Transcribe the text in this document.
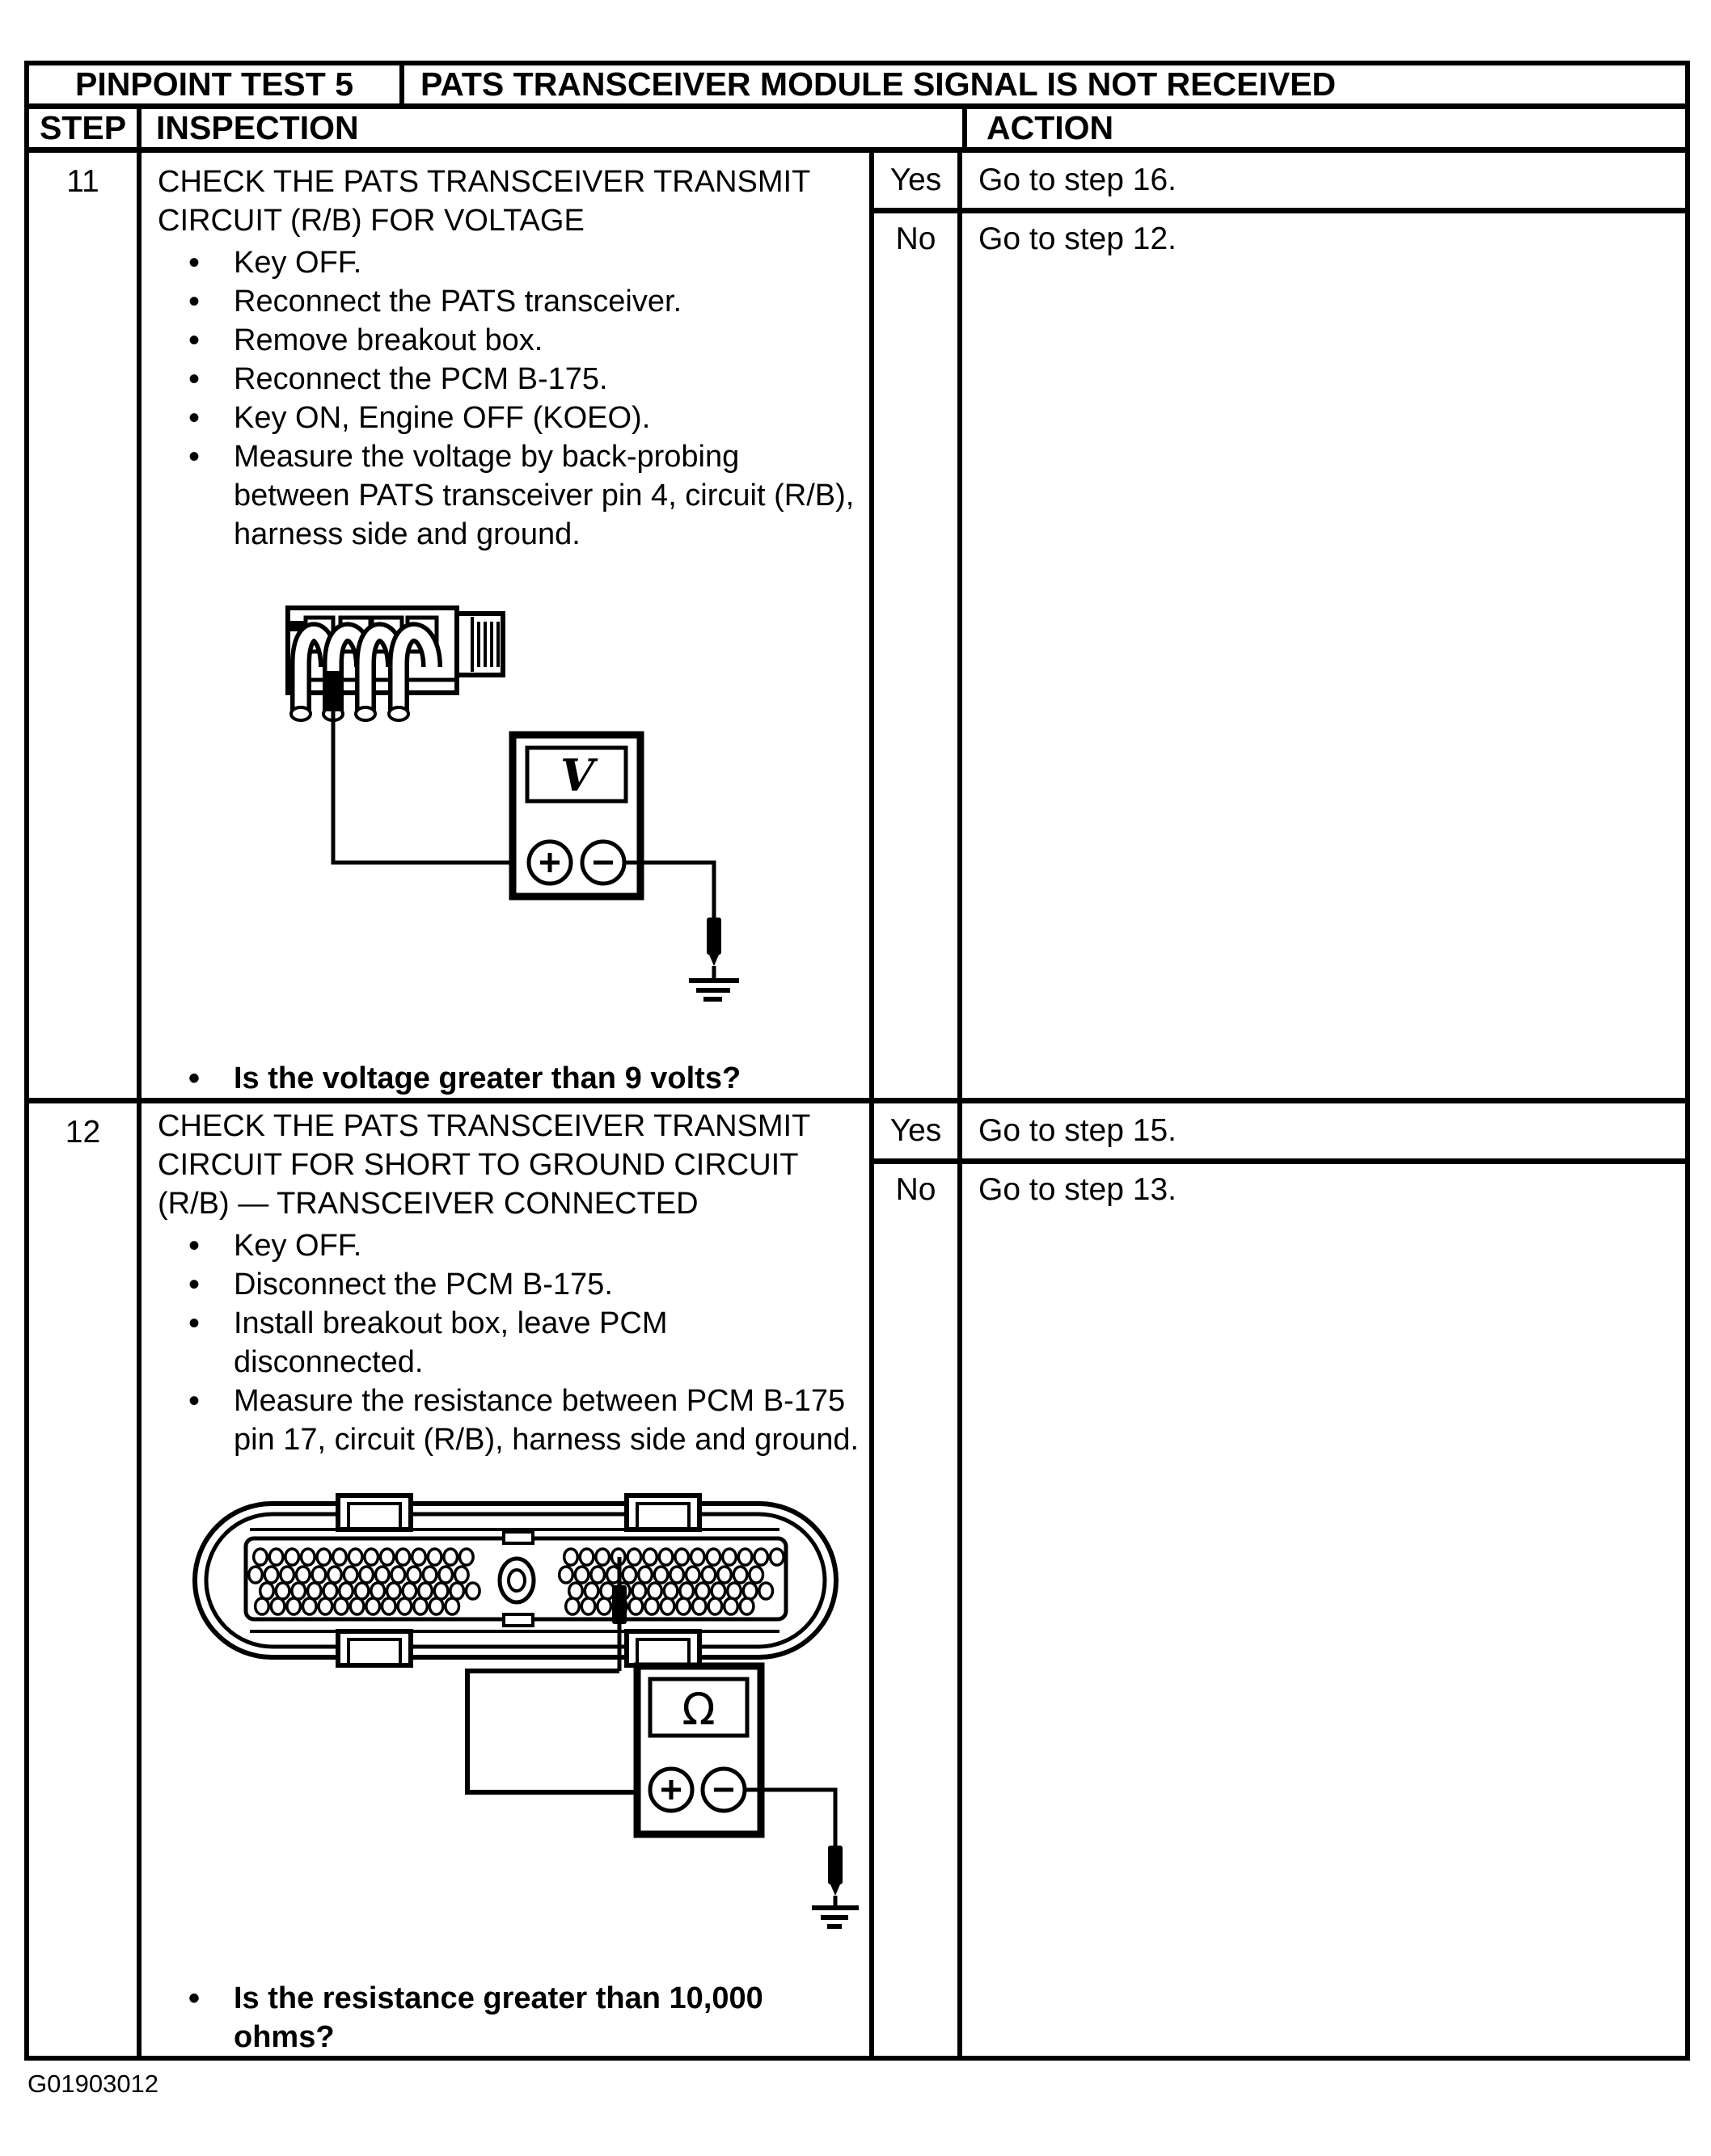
PINPOINT TEST 5	PATS TRANSCEIVER MODULE SIGNAL IS NOT RECEIVED
STEP INSPECTION	ACTION
11	CHECK THE PATS TRANSCEIVER TRANSMIT CIRCUIT (R/B) FOR VOLTAGE
• Key OFF.
• Reconnect the PATS transceiver.
• Remove breakout box.
• Reconnect the PCM B-175.
• Key ON, Engine OFF (KOEO).
• Measure the voltage by back-probing between PATS transceiver pin 4, circuit (R/B), harness side and ground.
V
• Is the voltage greater than 9 volts?
Yes	Go to step 16.
No	Go to step 12.
12	CHECK THE PATS TRANSCEIVER TRANSMIT CIRCUIT FOR SHORT TO GROUND CIRCUIT (R/B) — TRANSCEIVER CONNECTED
• Key OFF.
• Disconnect the PCM B-175.
• Install breakout box, leave PCM disconnected.
• Measure the resistance between PCM B-175 pin 17, circuit (R/B), harness side and ground.
Ω
• Is the resistance greater than 10,000 ohms?
Yes	Go to step 15.
No	Go to step 13.
G01903012
